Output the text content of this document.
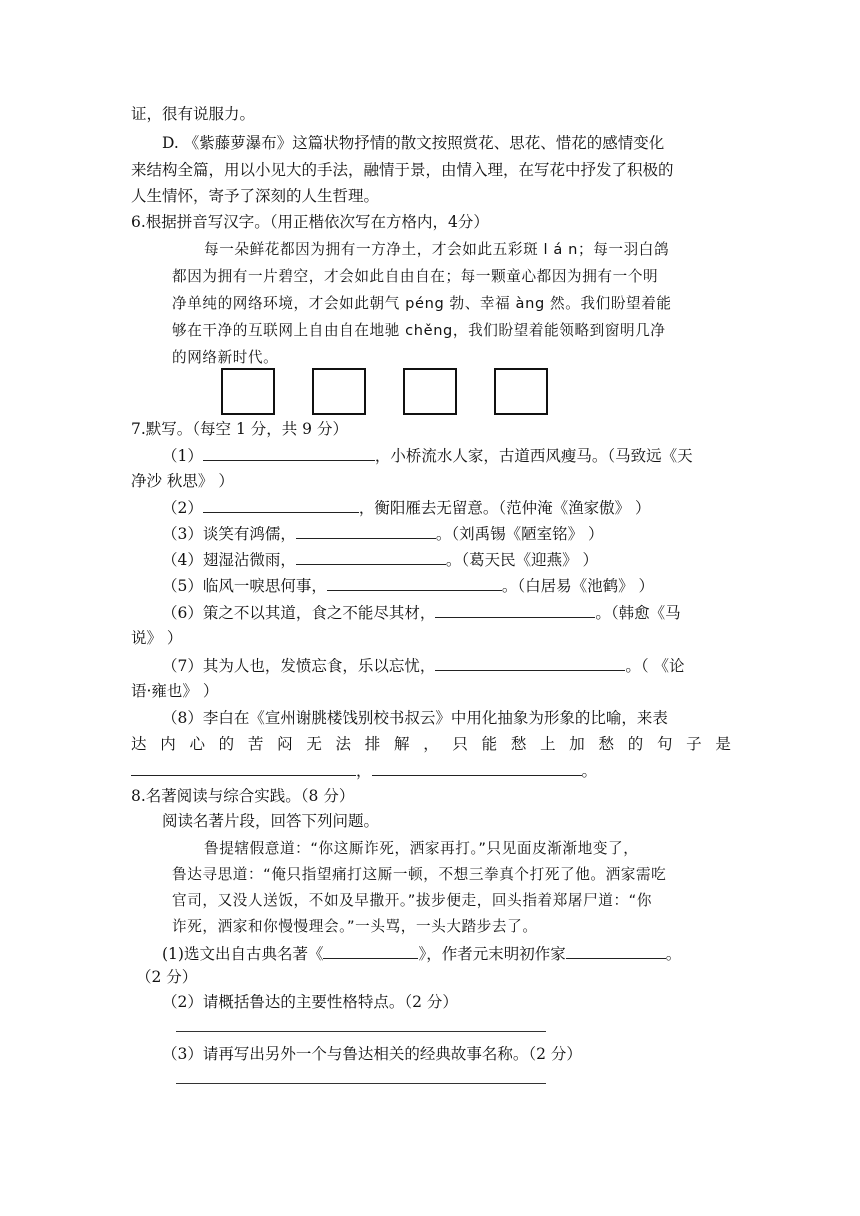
证，很有说服力。
D. 《紫藤萝瀑布》这篇状物抒情的散文按照赏花、思花、惜花的感情变化
来结构全篇，用以小见大的手法，融情于景，由情入理，在写花中抒发了积极的
人生情怀，寄予了深刻的人生哲理。
6.根据拼音写汉字。（用正楷依次写在方格内，4分）
每一朵鲜花都因为拥有一方净土，才会如此五彩斑 l á n；每一羽白鸽
都因为拥有一片碧空，才会如此自由自在；每一颗童心都因为拥有一个明
净单纯的网络环境，才会如此朝气 péng 勃、幸福 àng 然。我们盼望着能
够在干净的互联网上自由自在地驰 chěng，我们盼望着能领略到窗明几净
的网络新时代。
7.默写。（每空 1 分，共 9 分）
（1）	，小桥流水人家，古道西风瘦马。（马致远《天
净沙 秋思》 ）
（2）	，衡阳雁去无留意。（范仲淹《渔家傲》 ）
（3）谈笑有鸿儒，	。（刘禹锡《陋室铭》 ）
（4）翅湿沾微雨，	。（葛天民《迎燕》 ）
（5）临风一唳思何事，	。（白居易《池鹤》 ）
（6）策之不以其道，食之不能尽其材，	。（韩愈《马
说》 ）
（7）其为人也，发愤忘食，乐以忘忧，	。（ 《论
语·雍也》 ）
（8）李白在《宣州谢朓楼饯别校书叔云》中用化抽象为形象的比喻，来表
达 内 心 的 苦 闷 无 法 排 解 ， 只 能 愁 上 加 愁 的 句 子 是
，	。
8.名著阅读与综合实践。（8 分）
阅读名著片段，回答下列问题。
鲁提辖假意道：“你这厮诈死，洒家再打。”只见面皮渐渐地变了，
鲁达寻思道：“俺只指望痛打这厮一顿，不想三拳真个打死了他。洒家需吃
官司，又没人送饭，不如及早撒开。”拔步便走，回头指着郑屠尸道：“你
诈死，洒家和你慢慢理会。”一头骂，一头大踏步去了。
(1)选文出自古典名著《	》，作者元末明初作家	。
（2 分）
（2）请概括鲁达的主要性格特点。（2 分）
（3）请再写出另外一个与鲁达相关的经典故事名称。（2 分）
